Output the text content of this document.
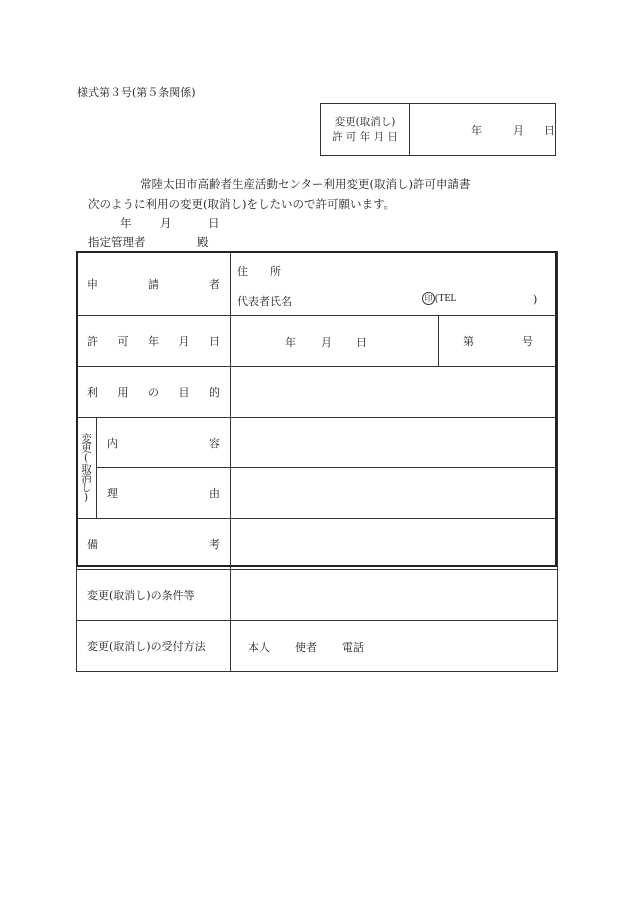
様式第３号(第５条関係)
変更(取消し)
許 可 年 月 日	年	月 日
常陸太田市高齢者生産活動センター利用変更(取消し)許可申請書
次のように利用の変更(取消し)をしたいので許可願います。
年 月	日
指定管理者	殿
申 請 者		住　　所
代表者氏名 印 (TEL )	

許 可 年 月 日		年 月 日	第 号

利 用 の 目 的			

変更(取消し)	内 容		

	理 由		

備 考			

変更(取消し)の条件等			

変更(取消し)の受付方法		本人 使者 電話	
